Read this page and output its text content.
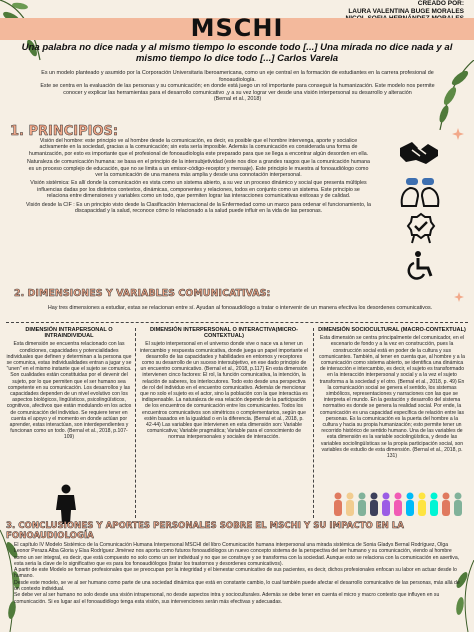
CREADO POR:
LAURA VALENTINA BUGE MORALES
MSCHI
Una palabra no dice nada y al mismo tiempo lo esconde todo [...] Una mirada no dice nada y al mismo tiempo lo dice todo [...] Carlos Varela
Es un modelo planteado y asumido por la Corporación Universitaria Iberoamericana, como un eje central en la formación de estudiantes en la carrera profesional de fonoaudiología.
Este se centra en la evaluación de las personas y su comunicación; en donde está juego un rol importante para conseguir la humanización. Este modelo nos permite conocer y explicar las herramientas para el desarrollo comunicativo ,y a su vez lograr ver desde una visión interpersonal su desarrollo y alteración
(Bernal et al., 2018)
1. PRINCIPIOS:

Visión del hombre: este principio ve al hombre desde la comunicación, es decir, es posible que el hombre intervenga, aporte y socialice activamente en la sociedad, gracias a la comunicación; sin esta sería imposible. Además la comunicación es considerada una forma de humanización, por esto es importante que el profesional de fonoaudiología este preparado para que se llega a encontrar algún desorden en ella.

Naturaleza de comunicación humana: se basa en el principio de la intersubjetividad (este nos dice a grandes rasgos que la comunicación humana es un proceso complejo de educación, que no se limita a un emisor-código-receptor y mensaje). Este principio le muestra al fonoaudiólogo como ver la comunicación de una manera más amplia y desde una connotación interpersonal.

Visión sistémica: Es allí donde la comunicación es vista como un sistema abierto, a su vez un proceso dinámico y social que presenta múltiples influencias dadas por los distintos contextos, dinámicas, componentes y relaciones, todos en conjunto como un sistema. Este principio se relaciona entre dimensiones y variables como un todo, que permiten lograr las interacciones comunicativas exitosas y de calidad.

Visión desde la CIF : Es un principio visto desde la Clasificación Internacional de la Enfermedad como un marco para ordenar el funcionamiento, la discapacidad y la salud, reconoce cómo lo relacionado a la salud puede influir en la vida de las personas.

2. DIMENSIONES Y VARIABLES COMUNICATIVAS:
Hay tres dimensiones a estudiar, estas se relacionan entre sí. Ayudan al fonoaudiólogo a tratar o intervenir de un manera efectiva los desordenes comunicativos.
DIMENSIÓN INTRAPERSONAL O INTRAINDIVIDUAL

Esta dimensión se encuentra relacionado con las condiciones, capacidades y potencialidades individuales que definen y determinan a la persona que se comunica, estas individualidades entran a jugar y se "unen" en el mismo instante que el sujeto se comunica. Son cualidades están constituidas por el devenir del sujeto, por lo que permiten que el ser humano sea competente en su comunicación. Los desarrollos y las capacidades dependen de un nivel evolutivo con los aspectos biológicos, lingüísticos, psicolingüísticos, cognitivos, afectivos que están modulando en los actos de comunicación del individuo. Se requiere tener en cuenta el apoyo y el momento en donde actúan por aprender, estas interactúan, son interdependientes y funcionan como un todo. (Bernal et al., 2018, p.107-109)

DIMENSIÓN INTERPERSONAL O INTERACTIVA(MICRO-CONTEXTUAL)

El sujeto interpersonal en el universo donde vive o nace va a tener un intercambio y respuesta comunicativa, donde juega un papel importante el desarrollo de las capacidades y habilidades en entornos y receptores como su desarrollo de un suceso intersubjetivo, en ese dado principio de un encuentro comunicativo. (Bernal et al., 2018, p.117) En esta dimensión intervienen cinco factores: El rol, la función comunicativa, la intención, la relación de saberes, los interlocutores. Todo esto desde una perspectiva de rol del individuo en el encuentro comunicativo. Además de mencionar que no solo el sujeto es el actor, sino la población con la que interactúa es indispensable. La naturaleza de esa relación depende de la participación de los encuentros de comunicación entre los comunicantes. Todos los encuentros comunicativos son simétricos o complementarios, según que estén basados en la igualdad o en la diferencia. (Bernal et al., 2018, p. 42-44) Las variables que intervienen en esta dimensión son: Variable comunicativa; Variable pragmática; Variable para el conocimiento de normas interpersonales y sociales de interacción.

DIMENSIÓN SOCIOCULTURAL (MACRO-CONTEXTUAL)

Esta dimensión se centra principalmente del comunicador, en el escenario de fondo y a la vez en construcción, pues la construcción social está en poder de la cultura y sus comunicantes. También, al tener en cuenta que, al hombre y a la comunicación como sistema abierto, se identifica una dinámica de interacción e intercambio, es decir, el sujeto es transformado en la interacción interpersonal y social y a la vez el sujeto transforma a la sociedad y el otro. (Bernal et al., 2018, p. 49) En la comunicación social se genera el sentido, los sistemas simbólicos, representaciones y narraciones con las que se interpreta el mundo. En la gestación y desarrollo del sistema normativo es donde se genera la realidad social. Por ende, la comunicación es una capacidad específica de relación entre las personas. Es la comunicación es la puerta del hombre a la cultura y hacia su propia humanización; esto permite tener un recorrido histórico de sentido humano. Una de las variables de esta dimensión es la variable sociolingüística, y desde las variables sociolingüísticas se la propia participación social, son variables de estudio de esta dimensión. (Bernal et al., 2018, p. 131)

3. CONCLUSIONES Y APORTES PERSONALES SOBRE EL MSCHI Y SU IMPACTO EN LA FONOAUDIOLOGÍA

El capítulo IV Modelo Sistémico de la Comunicación Humana Interpersonal MSCHI del libro Comunicación humana interpersonal una mirada sistémica de Sonia Gladys Bernal Rodríguez, Olga Leonor Peraza Alba Gloria y Elsa Rodríguez Jiménez nos aporta como futuros fonoaudiólogos un nuevo concepto sistema de la perspectiva del ser humano y su comunicación, viendo al hombre como un ser integral, es decir, que está compuesto no solo como un ser individual y no que se construye y se transforma con la sociedad. Aunque esto se relaciona con la comunicación en asertiva, esta seria la clave de lo significativo que es para los fonoaudiólogos (tratar los trastornos y desordenes comunicativos).

A partir de este Modelo se forman profesionales que se preocupan por la integridad y el bienestar comunicativo de sus pacientes, es decir, dichos profesionales enfocan su labor en actuar desde lo humano.

Desde este modelo, se ve al ser humano como parte de una sociedad dinámica que está en constante cambio, lo cual también puede afectar el desarrollo comunicativo de las personas, más allá de un contexto individual.

Se debe ver al ser humano no solo desde una visión intrapersonal, no desde aspectos intra y socioculturales. Además se debe tener en cuenta el micro y macro contexto que influyen en su comunicación. Si es lugar así el fonoaudiólogo tenga esta visión, sus intervenciones serán más efectivas y adecuadas.
